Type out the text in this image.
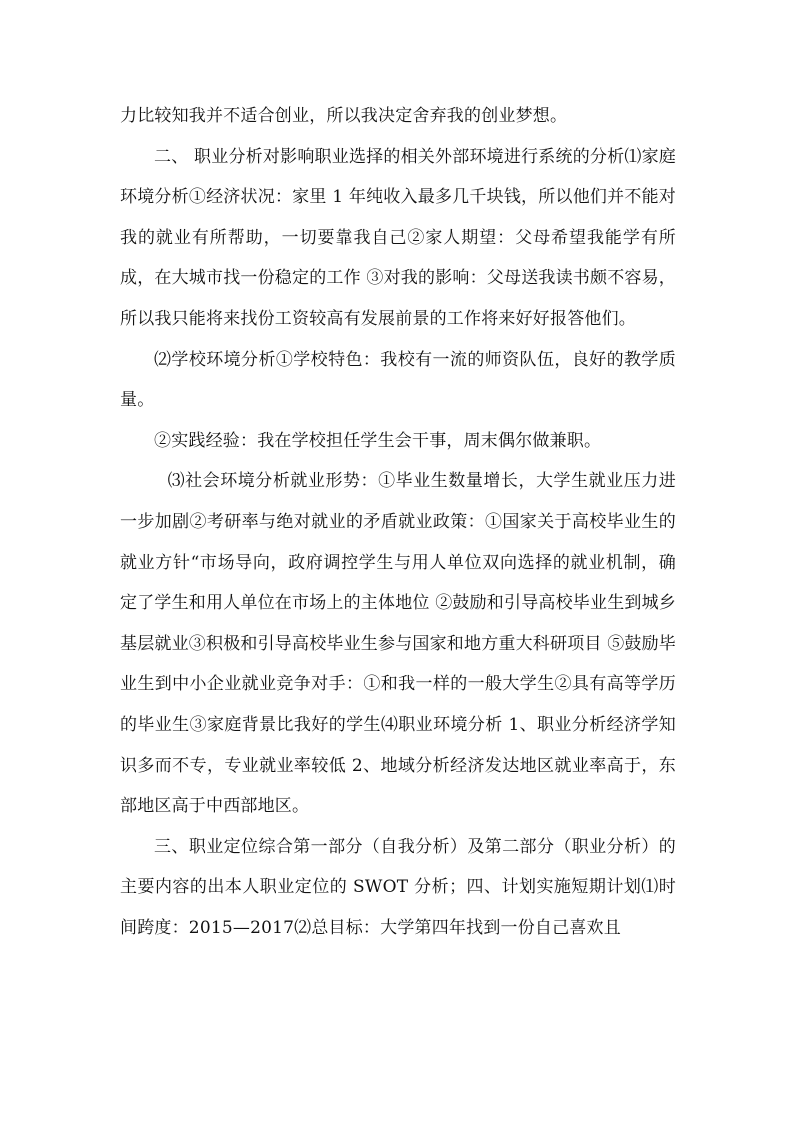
力比较知我并不适合创业，所以我决定舍弃我的创业梦想。

二、 职业分析对影响职业选择的相关外部环境进行系统的分析⑴家庭环境分析①经济状况：家里 1 年纯收入最多几千块钱，所以他们并不能对我的就业有所帮助，一切要靠我自己②家人期望：父母希望我能学有所成，在大城市找一份稳定的工作 ③对我的影响：父母送我读书颇不容易，所以我只能将来找份工资较高有发展前景的工作将来好好报答他们。

⑵学校环境分析①学校特色：我校有一流的师资队伍，良好的教学质量。

②实践经验：我在学校担任学生会干事，周末偶尔做兼职。

⑶社会环境分析就业形势：①毕业生数量增长，大学生就业压力进一步加剧②考研率与绝对就业的矛盾就业政策：①国家关于高校毕业生的就业方针“市场导向，政府调控学生与用人单位双向选择的就业机制，确定了学生和用人单位在市场上的主体地位 ②鼓励和引导高校毕业生到城乡基层就业③积极和引导高校毕业生参与国家和地方重大科研项目 ⑤鼓励毕业生到中小企业就业竞争对手：①和我一样的一般大学生②具有高等学历的毕业生③家庭背景比我好的学生⑷职业环境分析 1、职业分析经济学知识多而不专，专业就业率较低 2、地域分析经济发达地区就业率高于，东部地区高于中西部地区。

三、职业定位综合第一部分（自我分析）及第二部分（职业分析）的主要内容的出本人职业定位的 SWOT 分析；四、计划实施短期计划⑴时间跨度：2015—2017⑵总目标：大学第四年找到一份自己喜欢且
